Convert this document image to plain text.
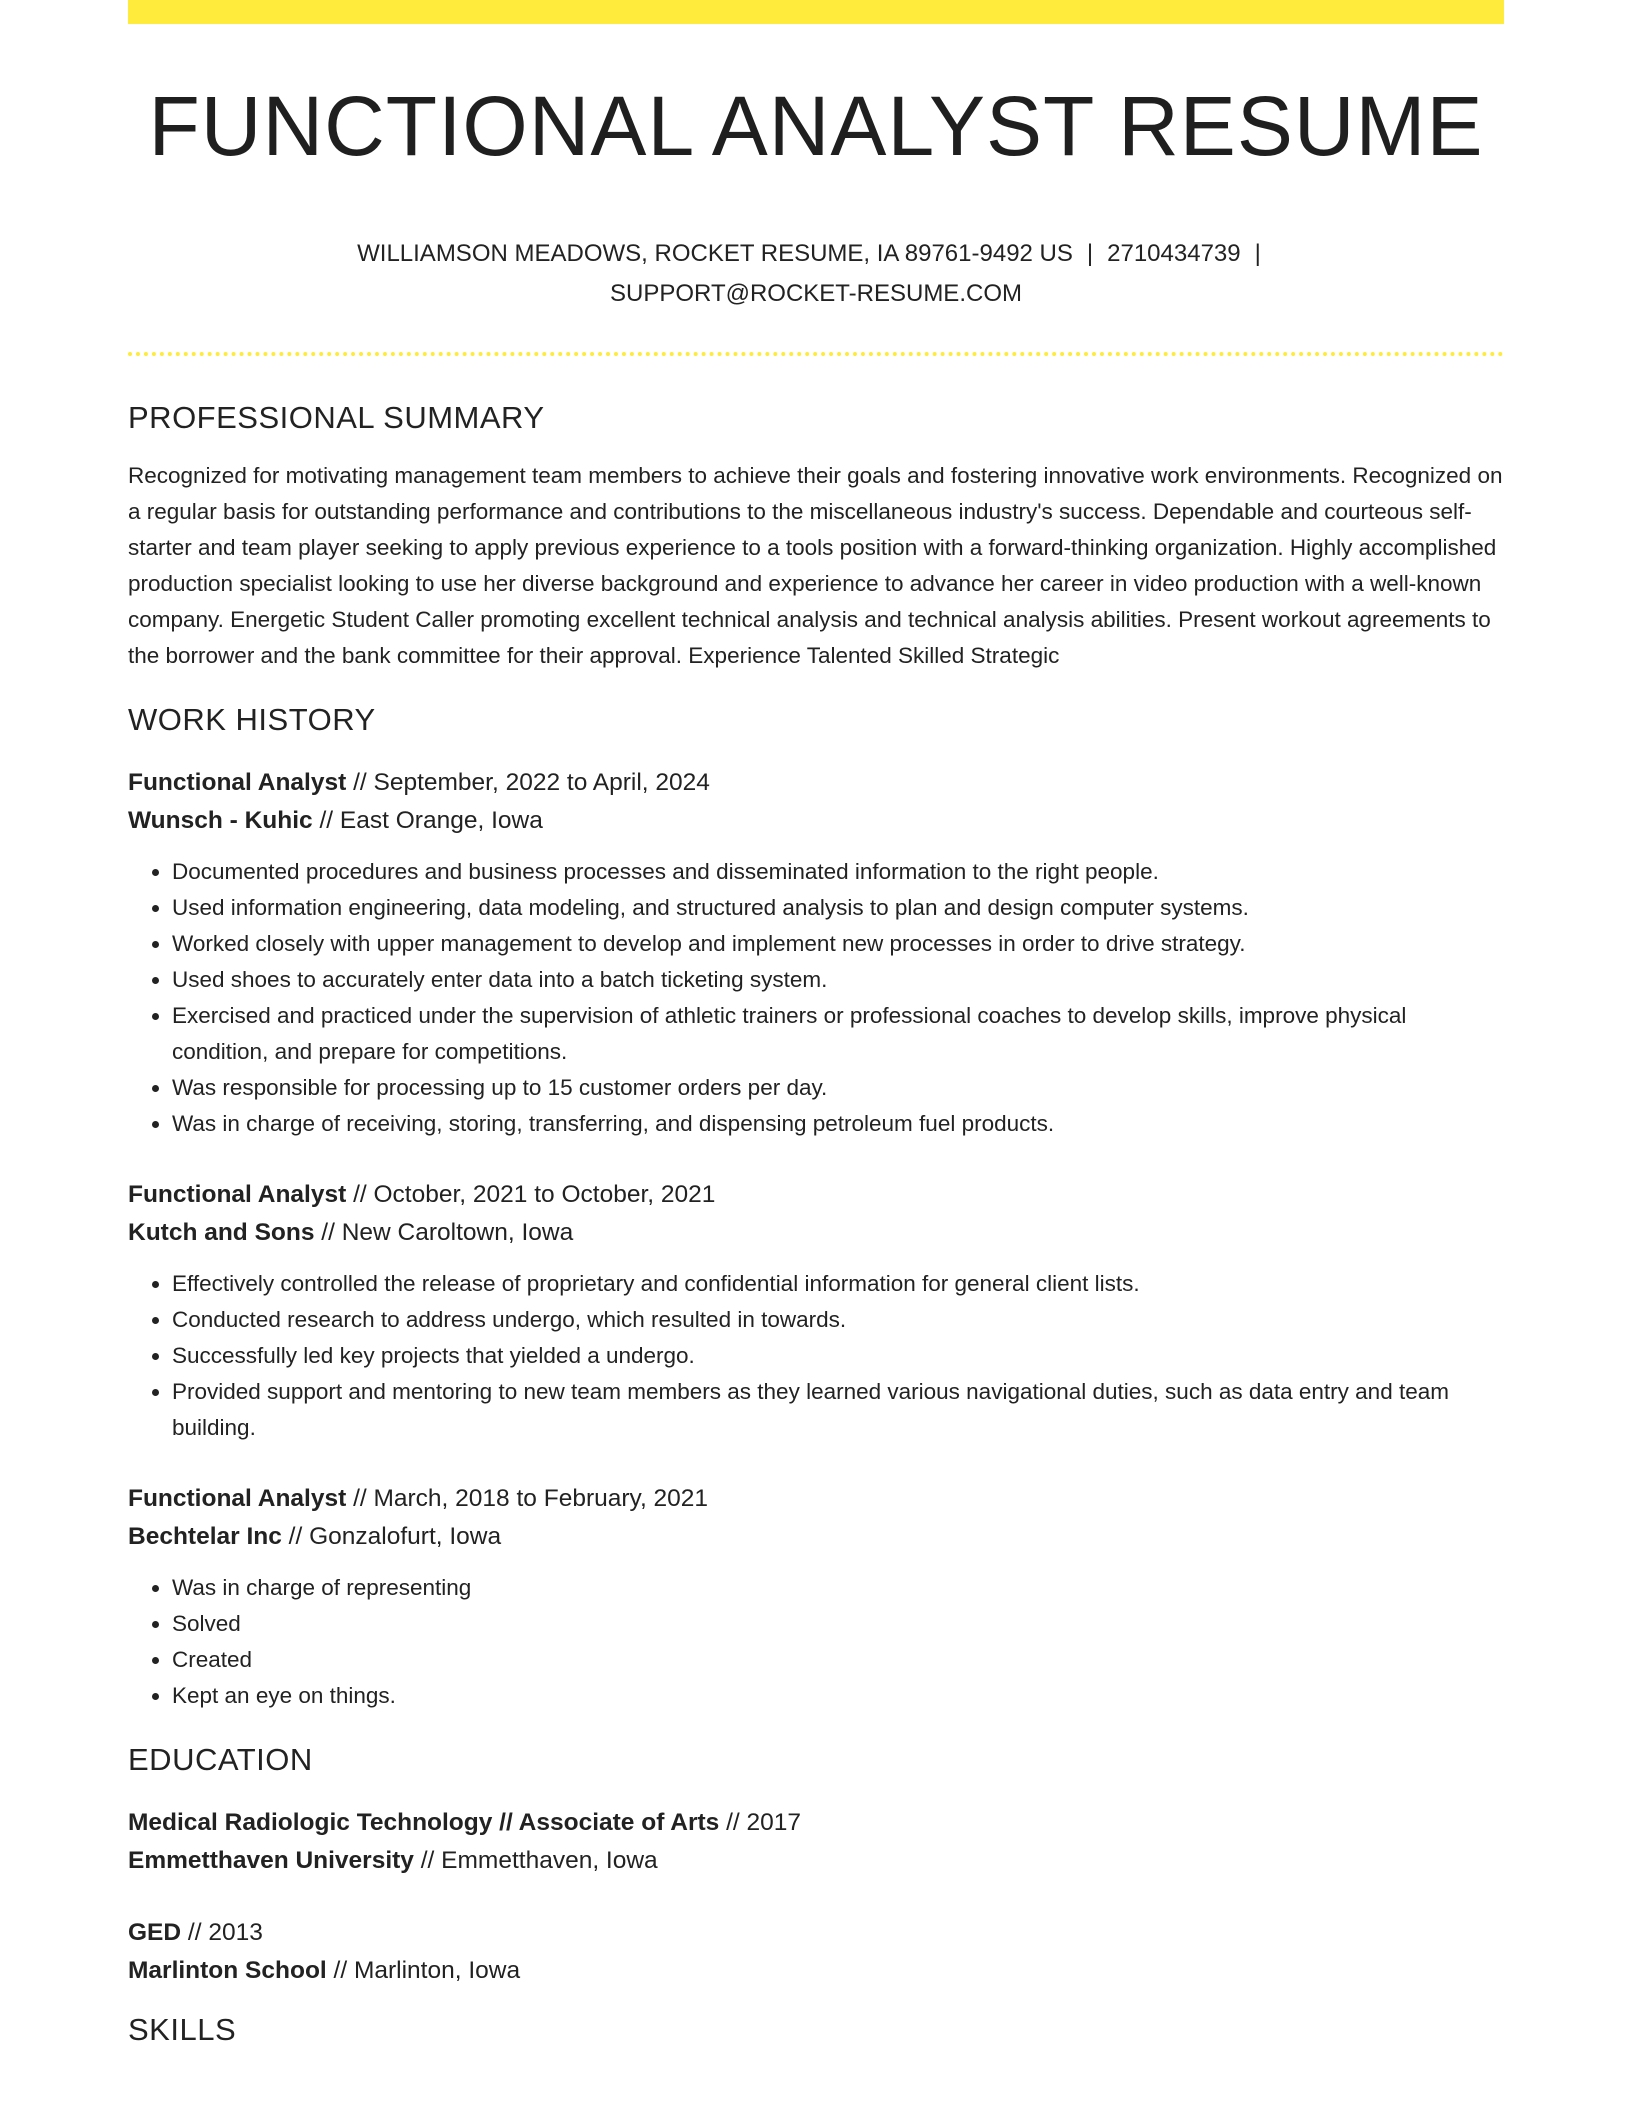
FUNCTIONAL ANALYST RESUME
WILLIAMSON MEADOWS, ROCKET RESUME, IA 89761-9492 US | 2710434739 |
SUPPORT@ROCKET-RESUME.COM
PROFESSIONAL SUMMARY
Recognized for motivating management team members to achieve their goals and fostering innovative work environments. Recognized on a regular basis for outstanding performance and contributions to the miscellaneous industry's success. Dependable and courteous self-starter and team player seeking to apply previous experience to a tools position with a forward-thinking organization. Highly accomplished production specialist looking to use her diverse background and experience to advance her career in video production with a well-known company. Energetic Student Caller promoting excellent technical analysis and technical analysis abilities. Present workout agreements to the borrower and the bank committee for their approval. Experience Talented Skilled Strategic
WORK HISTORY
Functional Analyst // September, 2022 to April, 2024
Wunsch - Kuhic // East Orange, Iowa
• Documented procedures and business processes and disseminated information to the right people.
• Used information engineering, data modeling, and structured analysis to plan and design computer systems.
• Worked closely with upper management to develop and implement new processes in order to drive strategy.
• Used shoes to accurately enter data into a batch ticketing system.
• Exercised and practiced under the supervision of athletic trainers or professional coaches to develop skills, improve physical condition, and prepare for competitions.
• Was responsible for processing up to 15 customer orders per day.
• Was in charge of receiving, storing, transferring, and dispensing petroleum fuel products.
Functional Analyst // October, 2021 to October, 2021
Kutch and Sons // New Caroltown, Iowa
• Effectively controlled the release of proprietary and confidential information for general client lists.
• Conducted research to address undergo, which resulted in towards.
• Successfully led key projects that yielded a undergo.
• Provided support and mentoring to new team members as they learned various navigational duties, such as data entry and team building.
Functional Analyst // March, 2018 to February, 2021
Bechtelar Inc // Gonzalofurt, Iowa
• Was in charge of representing
• Solved
• Created
• Kept an eye on things.
EDUCATION
Medical Radiologic Technology // Associate of Arts // 2017
Emmetthaven University // Emmetthaven, Iowa
GED // 2013
Marlinton School // Marlinton, Iowa
SKILLS
